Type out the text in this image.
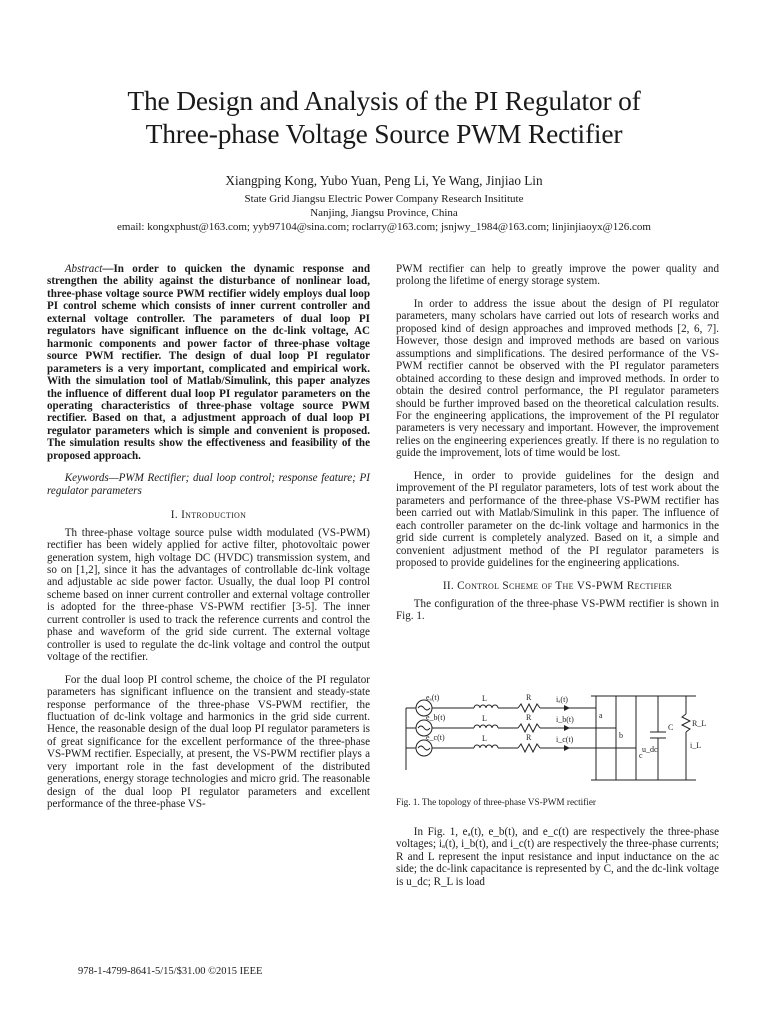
The Design and Analysis of the PI Regulator of
Three-phase Voltage Source PWM Rectifier
Xiangping Kong, Yubo Yuan, Peng Li, Ye Wang, Jinjiao Lin
State Grid Jiangsu Electric Power Company Research Insititute
Nanjing, Jiangsu Province, China
email: kongxphust@163.com; yyb97104@sina.com; roclarry@163.com; jsnjwy_1984@163.com; linjinjiaoyx@126.com

Abstract—In order to quicken the dynamic response and strengthen the ability against the disturbance of nonlinear load, three-phase voltage source PWM rectifier widely employs dual loop PI control scheme which consists of inner current controller and external voltage controller. The parameters of dual loop PI regulators have significant influence on the dc-link voltage, AC harmonic components and power factor of three-phase voltage source PWM rectifier. The design of dual loop PI regulator parameters is a very important, complicated and empirical work. With the simulation tool of Matlab/Simulink, this paper analyzes the influence of different dual loop PI regulator parameters on the operating characteristics of three-phase voltage source PWM rectifier. Based on that, a adjustment approach of dual loop PI regulator parameters which is simple and convenient is proposed. The simulation results show the effectiveness and feasibility of the proposed approach.

Keywords—PWM Rectifier; dual loop control; response feature; PI regulator parameters

I. Introduction

Th three-phase voltage source pulse width modulated (VS-PWM) rectifier has been widely applied for active filter, photovoltaic power generation system, high voltage DC (HVDC) transmission system, and so on [1,2], since it has the advantages of controllable dc-link voltage and adjustable ac side power factor. Usually, the dual loop PI control scheme based on inner current controller and external voltage controller is adopted for the three-phase VS-PWM rectifier [3-5]. The inner current controller is used to track the reference currents and control the phase and waveform of the grid side current. The external voltage controller is used to regulate the dc-link voltage and control the output voltage of the rectifier.

For the dual loop PI control scheme, the choice of the PI regulator parameters has significant influence on the transient and steady-state response performance of the three-phase VS-PWM rectifier, the fluctuation of dc-link voltage and harmonics in the grid side current. Hence, the reasonable design of the dual loop PI regulator parameters is of great significance for the excellent performance of the three-phase VS-PWM rectifier. Especially, at present, the VS-PWM rectifier plays a very important role in the fast development of the distributed generations, energy storage technologies and micro grid. The reasonable design of the dual loop PI regulator parameters and excellent performance of the three-phase VS-

PWM rectifier can help to greatly improve the power quality and prolong the lifetime of energy storage system.

In order to address the issue about the design of PI regulator parameters, many scholars have carried out lots of research works and proposed kind of design approaches and improved methods [2, 6, 7]. However, those design and improved methods are based on various assumptions and simplifications. The desired performance of the VS-PWM rectifier cannot be observed with the PI regulator parameters obtained according to these design and improved methods. In order to obtain the desired control performance, the PI regulator parameters should be further improved based on the theoretical calculation results. For the engineering applications, the improvement of the PI regulator parameters is very necessary and important. However, the improvement relies on the engineering experiences greatly. If there is no regulation to guide the improvement, lots of time would be lost.

Hence, in order to provide guidelines for the design and improvement of the PI regulator parameters, lots of test work about the parameters and performance of the three-phase VS-PWM rectifier has been carried out with Matlab/Simulink in this paper. The influence of each controller parameter on the dc-link voltage and harmonics in the grid side current is completely analyzed. Based on it, a simple and convenient adjustment method of the PI regulator parameters is proposed to provide guidelines for the engineering applications.

II. Control Scheme of The VS-PWM Rectifier

The configuration of the three-phase VS-PWM rectifier is shown in Fig. 1.

eₐ(t)
e_b(t)
e_c(t)
L
L
L
R
R
R
iₐ(t)
i_b(t)
i_c(t)
a
b
c
u_dc
C R_L
i_L
Fig. 1. The topology of three-phase VS-PWM rectifier

In Fig. 1, eₐ(t), e_b(t), and e_c(t) are respectively the three-phase voltages; iₐ(t), i_b(t), and i_c(t) are respectively the three-phase currents; R and L represent the input resistance and input inductance on the ac side; the dc-link capacitance is represented by C, and the dc-link voltage is u_dc; R_L is load

978-1-4799-8641-5/15/$31.00 ©2015 IEEE
